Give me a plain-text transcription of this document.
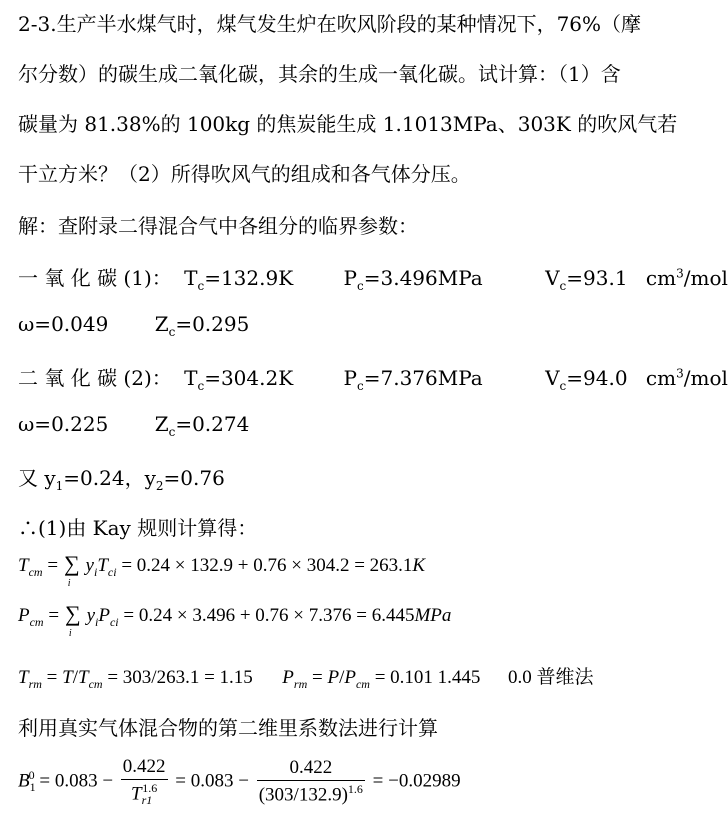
2-3.生产半水煤气时，煤气发生炉在吹风阶段的某种情况下，76%（摩
尔分数）的碳生成二氧化碳，其余的生成一氧化碳。试计算：（1）含
碳量为 81.38%的 100kg 的焦炭能生成 1.1013MPa、303K 的吹风气若
干立方米？（2）所得吹风气的组成和各气体分压。
解：查附录二得混合气中各组分的临界参数：
一 氧 化 碳 (1)： $T_c=132.9K$	$P_c=3.496MPa$	$V_c=93.1$ $cm^3$/mol
ω=0.049 $Z_c=0.295$
二 氧 化 碳 (2)： $T_c=304.2K$	$P_c=7.376MPa$	$V_c=94.0$ $cm^3$/mol
ω=0.225 $Z_c=0.274$
又 $y_1=0.24$，$y_2=0.76$
∴(1)由 Kay 规则计算得：
$T_{cm}$ = ∑
i
$y_iT_{ci} = 0.24 \times 132.9 + 0.76 \times 304.2 = 263.1K$
$P_{cm}$ = ∑
i
$y_iP_{ci} = 0.24 \times 3.496 + 0.76 \times 7.376 = 6.445MPa$
$T_{rm} = T/T_{cm} = 303/263.1 = 1.15$ $P_{rm} = P/P_{cm} = 0.101$ 1.445 0.0 普维法
利用真实气体混合物的第二维里系数法进行计算
$B_1^0 = 0.083 - \frac{0.422}{T_{r1}^{1.6}} = 0.083 - \frac{0.422}{(303/132.9)^{1.6}} = -0.02989$
